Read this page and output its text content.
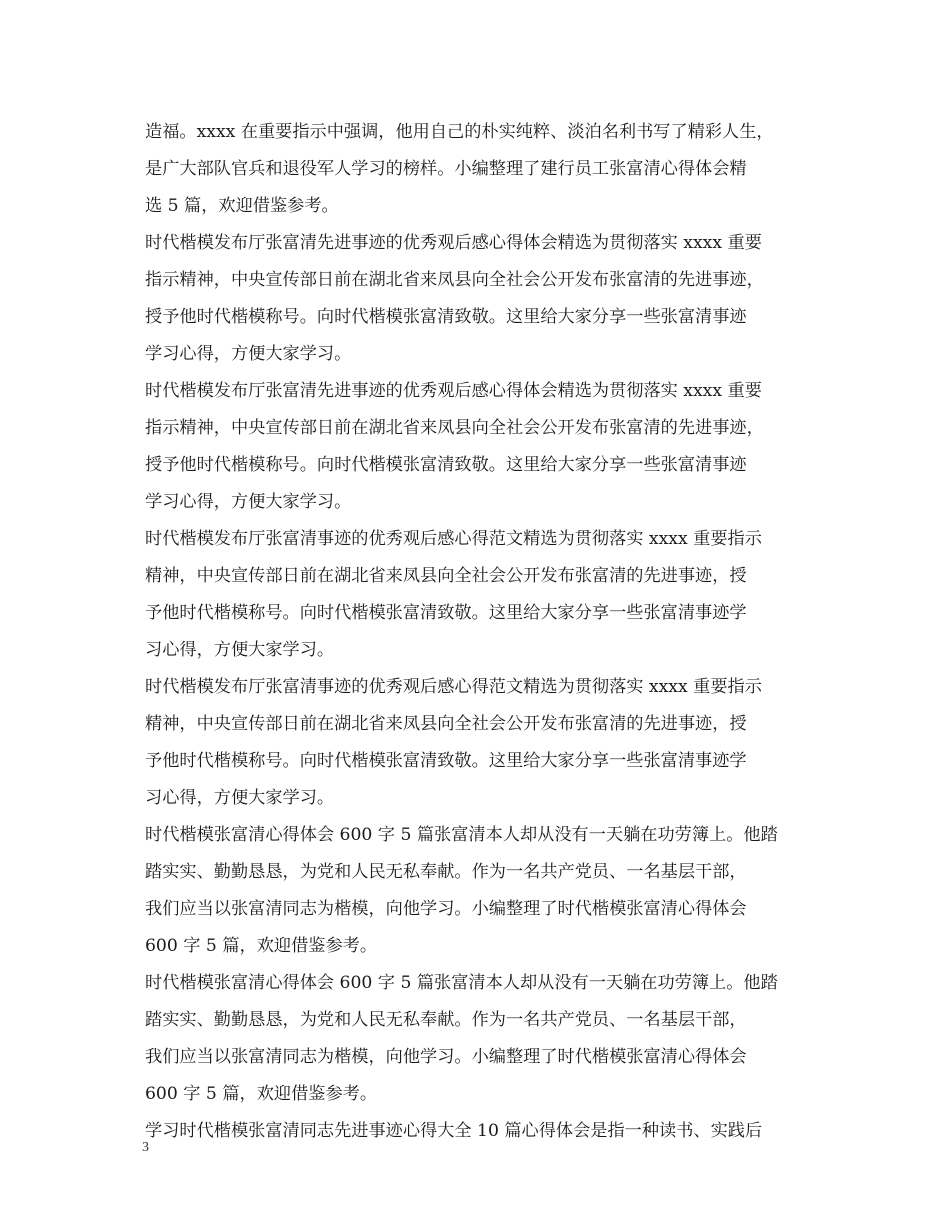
造福。xxxx 在重要指示中强调，他用自己的朴实纯粹、淡泊名利书写了精彩人生，
是广大部队官兵和退役军人学习的榜样。小编整理了建行员工张富清心得体会精
选 5 篇，欢迎借鉴参考。
时代楷模发布厅张富清先进事迹的优秀观后感心得体会精选为贯彻落实 xxxx 重要
指示精神，中央宣传部日前在湖北省来凤县向全社会公开发布张富清的先进事迹，
授予他时代楷模称号。向时代楷模张富清致敬。这里给大家分享一些张富清事迹
学习心得，方便大家学习。
时代楷模发布厅张富清先进事迹的优秀观后感心得体会精选为贯彻落实 xxxx 重要
指示精神，中央宣传部日前在湖北省来凤县向全社会公开发布张富清的先进事迹，
授予他时代楷模称号。向时代楷模张富清致敬。这里给大家分享一些张富清事迹
学习心得，方便大家学习。
时代楷模发布厅张富清事迹的优秀观后感心得范文精选为贯彻落实 xxxx 重要指示
精神，中央宣传部日前在湖北省来凤县向全社会公开发布张富清的先进事迹，授
予他时代楷模称号。向时代楷模张富清致敬。这里给大家分享一些张富清事迹学
习心得，方便大家学习。
时代楷模发布厅张富清事迹的优秀观后感心得范文精选为贯彻落实 xxxx 重要指示
精神，中央宣传部日前在湖北省来凤县向全社会公开发布张富清的先进事迹，授
予他时代楷模称号。向时代楷模张富清致敬。这里给大家分享一些张富清事迹学
习心得，方便大家学习。
时代楷模张富清心得体会 600 字 5 篇张富清本人却从没有一天躺在功劳簿上。他踏
踏实实、勤勤恳恳，为党和人民无私奉献。作为一名共产党员、一名基层干部，
我们应当以张富清同志为楷模，向他学习。小编整理了时代楷模张富清心得体会
600 字 5 篇，欢迎借鉴参考。
时代楷模张富清心得体会 600 字 5 篇张富清本人却从没有一天躺在功劳簿上。他踏
踏实实、勤勤恳恳，为党和人民无私奉献。作为一名共产党员、一名基层干部，
我们应当以张富清同志为楷模，向他学习。小编整理了时代楷模张富清心得体会
600 字 5 篇，欢迎借鉴参考。
学习时代楷模张富清同志先进事迹心得大全 10 篇心得体会是指一种读书、实践后
3
